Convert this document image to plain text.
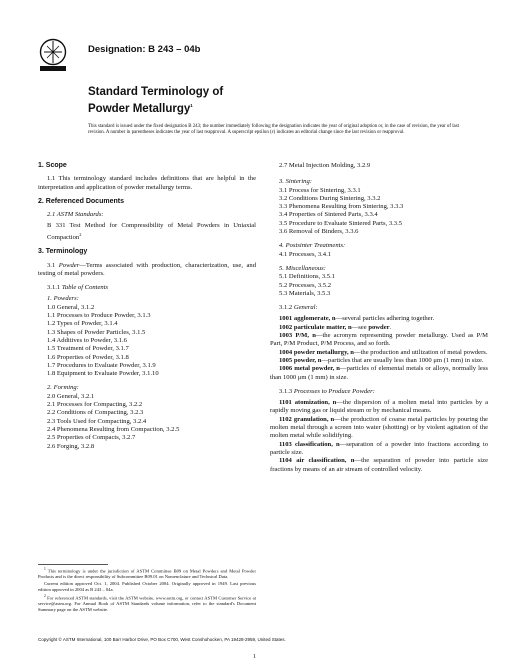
Designation: B 243 – 04b
Standard Terminology of
Powder Metallurgy$^1$
This standard is issued under the fixed designation B 243; the number immediately following the designation indicates the year of original adoption or, in the case of revision, the year of last revision. A number in parentheses indicates the year of last reapproval. A superscript epsilon (ε) indicates an editorial change since the last revision or reapproval.
1. Scope
1.1 This terminology standard includes definitions that are helpful in the interpretation and application of powder metallurgy terms.
2. Referenced Documents
2.1 ASTM Standards:
B 331 Test Method for Compressibility of Metal Powders in Uniaxial Compaction$^2$
3. Terminology
3.1 Powder—Terms associated with production, characterization, use, and testing of metal powders.
3.1.1 Table of Contents
1. Powders:
1.0 General, 3.1.2
1.1 Processes to Produce Powder, 3.1.3
1.2 Types of Powder, 3.1.4
1.3 Shapes of Powder Particles, 3.1.5
1.4 Additives to Powder, 3.1.6
1.5 Treatment of Powder, 3.1.7
1.6 Properties of Powder, 3.1.8
1.7 Procedures to Evaluate Powder, 3.1.9
1.8 Equipment to Evaluate Powder, 3.1.10
2. Forming:
2.0 General, 3.2.1
2.1 Processes for Compacting, 3.2.2
2.2 Conditions of Compacting, 3.2.3
2.3 Tools Used for Compacting, 3.2.4
2.4 Phenomena Resulting from Compaction, 3.2.5
2.5 Properties of Compacts, 3.2.7
2.6 Forging, 3.2.8
2.7 Metal Injection Molding, 3.2.9
3. Sintering:
3.1 Process for Sintering, 3.3.1
3.2 Conditions During Sintering, 3.3.2
3.3 Phenomena Resulting from Sintering, 3.3.3
3.4 Properties of Sintered Parts, 3.3.4
3.5 Procedure to Evaluate Sintered Parts, 3.3.5
3.6 Removal of Binders, 3.3.6
4. Postsinter Treatments:
4.1 Processes, 3.4.1
5. Miscellaneous:
5.1 Definitions, 3.5.1
5.2 Processes, 3.5.2
5.3 Materials, 3.5.3
3.1.2 General:
1001 agglomerate, n—several particles adhering together.
1002 particulate matter, n—see powder.
1003 P/M, n—the acronym representing powder metallurgy. Used as P/M Part, P/M Product, P/M Process, and so forth.
1004 powder metallurgy, n—the production and utilization of metal powders.
1005 powder, n—particles that are usually less than 1000 μm (1 mm) in size.
1006 metal powder, n—particles of elemental metals or alloys, normally less than 1000 μm (1 mm) in size.
3.1.3 Processes to Produce Powder:
1101 atomization, n—the dispersion of a molten metal into particles by a rapidly moving gas or liquid stream or by mechanical means.
1102 granulation, n—the production of coarse metal particles by pouring the molten metal through a screen into water (shotting) or by violent agitation of the molten metal while solidifying.
1103 classification, n—separation of a powder into fractions according to particle size.
1104 air classification, n—the separation of powder into particle size fractions by means of an air stream of controlled velocity.
$^1$ This terminology is under the jurisdiction of ASTM Committee B09 on Metal Powders and Metal Powder Products and is the direct responsibility of Subcommittee B09.01 on Nomenclature and Technical Data.
Current edition approved Oct. 1, 2004. Published October 2004. Originally approved in 1949. Last previous edition approved in 2004 as B 243 – 04a.
$^2$ For referenced ASTM standards, visit the ASTM website, www.astm.org, or contact ASTM Customer Service at service@astm.org. For Annual Book of ASTM Standards volume information, refer to the standard's Document Summary page on the ASTM website.
Copyright © ASTM International, 100 Barr Harbor Drive, PO Box C700, West Conshohocken, PA 19428-2959, United States.
1
